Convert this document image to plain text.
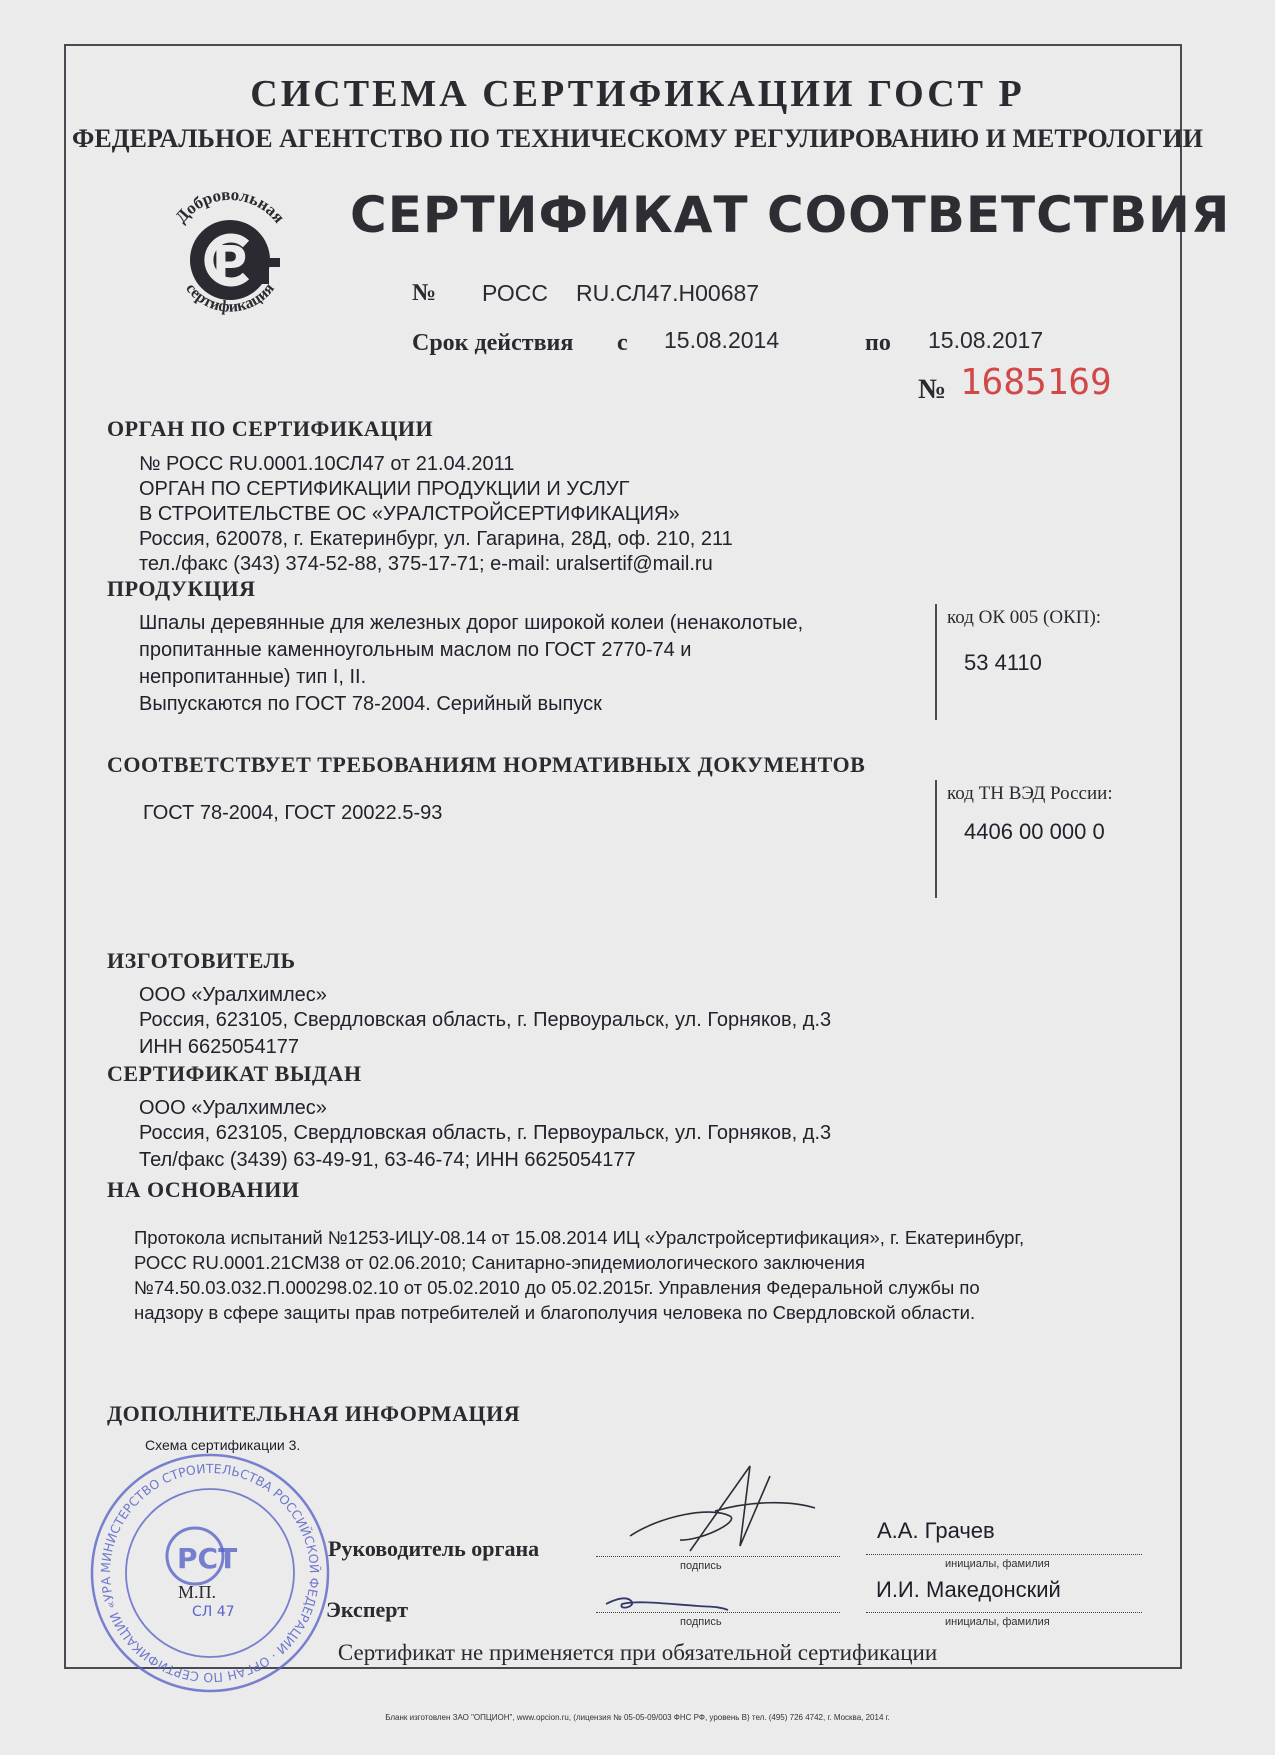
СИСТЕМА СЕРТИФИКАЦИИ ГОСТ Р
ФЕДЕРАЛЬНОЕ АГЕНТСТВО ПО ТЕХНИЧЕСКОМУ РЕГУЛИРОВАНИЮ И МЕТРОЛОГИИ
Добровольная
Р
сертификация
СЕРТИФИКАТ СООТВЕТСТВИЯ
№ РОСС RU.СЛ47.Н00687
Срок действия с 15.08.2014	по 15.08.2017
№ 1685169
ОРГАН ПО СЕРТИФИКАЦИИ
№ РОСС RU.0001.10СЛ47 от 21.04.2011
ОРГАН ПО СЕРТИФИКАЦИИ ПРОДУКЦИИ И УСЛУГ
В СТРОИТЕЛЬСТВЕ ОС «УРАЛСТРОЙСЕРТИФИКАЦИЯ»
Россия, 620078, г. Екатеринбург, ул. Гагарина, 28Д, оф. 210, 211
тел./факс (343) 374-52-88, 375-17-71; e-mail: uralsertif@mail.ru
ПРОДУКЦИЯ
Шпалы деревянные для железных дорог широкой колеи (ненаколотые,
пропитанные каменноугольным маслом по ГОСТ 2770-74 и
непропитанные) тип I, II.
Выпускаются по ГОСТ 78-2004. Серийный выпуск
код ОК 005 (ОКП):
53 4110
СООТВЕТСТВУЕТ ТРЕБОВАНИЯМ НОРМАТИВНЫХ ДОКУМЕНТОВ
ГОСТ 78-2004, ГОСТ 20022.5-93
код ТН ВЭД России:
4406 00 000 0
ИЗГОТОВИТЕЛЬ
ООО «Уралхимлес»
Россия, 623105, Свердловская область, г. Первоуральск, ул. Горняков, д.3
ИНН 6625054177
СЕРТИФИКАТ ВЫДАН
ООО «Уралхимлес»
Россия, 623105, Свердловская область, г. Первоуральск, ул. Горняков, д.3
Тел/факс (3439) 63-49-91, 63-46-74; ИНН 6625054177
НА ОСНОВАНИИ
Протокола испытаний №1253-ИЦУ-08.14 от 15.08.2014 ИЦ «Уралстройсертификация», г. Екатеринбург,
РОСС RU.0001.21СМ38 от 02.06.2010; Санитарно-эпидемиологического заключения
№74.50.03.032.П.000298.02.10 от 05.02.2010 до 05.02.2015г. Управления Федеральной службы по
надзору в сфере защиты прав потребителей и благополучия человека по Свердловской области.
ДОПОЛНИТЕЛЬНАЯ ИНФОРМАЦИЯ
Схема сертификации 3.
Руководитель органа
подпись
А.А. Грачев
инициалы, фамилия
Эксперт	подпись
И.И. Македонский
инициалы, фамилия
МИНИСТЕРСТВО СТРОИТЕЛЬСТВА РОССИЙСКОЙ ФЕДЕРАЦИИ · ОРГАН ПО СЕРТИФИКАЦИИ «УРА
РСТ
М.П.
СЛ 47
Сертификат не применяется при обязательной сертификации
Бланк изготовлен ЗАО "ОПЦИОН", www.opcion.ru, (лицензия № 05-05-09/003 ФНС РФ, уровень В) тел. (495) 726 4742, г. Москва, 2014 г.
